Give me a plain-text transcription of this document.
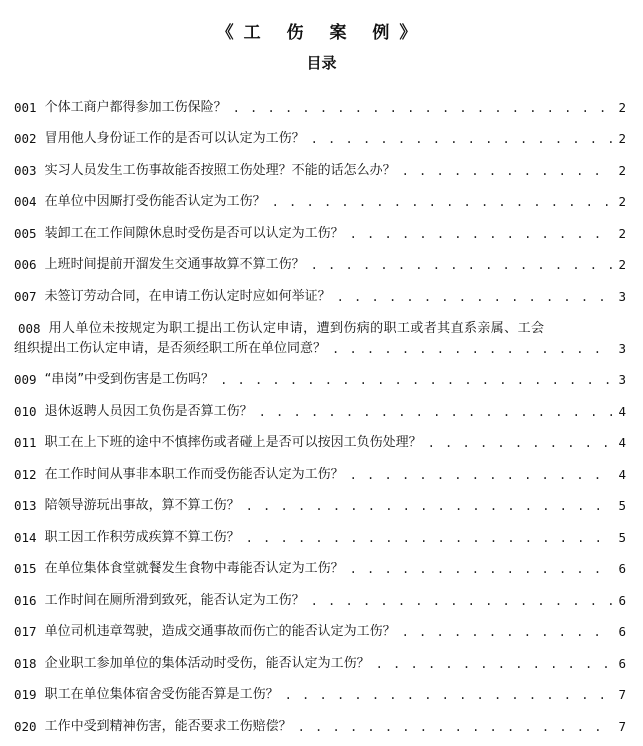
《工 伤 案 例》
目录
001 个体工商户都得参加工伤保险？ . . .	2
002 冒用他人身份证工作的是否可以认定为工伤？ . . .	2
003 实习人员发生工伤事故能否按照工伤处理？不能的话怎么办？ . . .	2
004 在单位中因厮打受伤能否认定为工伤？ . . .	2
005 装卸工在工作间隙休息时受伤是否可以认定为工伤？ . . .	2
006 上班时间提前开溜发生交通事故算不算工伤？ . . .	2
007 未签订劳动合同，在申请工伤认定时应如何举证？ . . .	3
008 用人单位未按规定为职工提出工伤认定申请，遭到伤病的职工或者其直系亲属、工会
组织提出工伤认定申请，是否须经职工所在单位同意？ . . .	3
009 “串岗”中受到伤害是工伤吗？ . . .	3
010 退休返聘人员因工负伤是否算工伤？ . . .	4
011 职工在上下班的途中不慎摔伤或者碰上是否可以按因工负伤处理？ . . .	4
012 在工作时间从事非本职工作而受伤能否认定为工伤？ . . .	4
013 陪领导游玩出事故，算不算工伤？ . . .	5
014 职工因工作积劳成疾算不算工伤？ . . .	5
015 在单位集体食堂就餐发生食物中毒能否认定为工伤？ . . .	6
016 工作时间在厕所滑到致死，能否认定为工伤？ . . .	6
017 单位司机违章驾驶，造成交通事故而伤亡的能否认定为工伤？ . . .	6
018 企业职工参加单位的集体活动时受伤，能否认定为工伤？ . . .	6
019 职工在单位集体宿舍受伤能否算是工伤？ . . .	7
020 工作中受到精神伤害，能否要求工伤赔偿？ . . .	7
